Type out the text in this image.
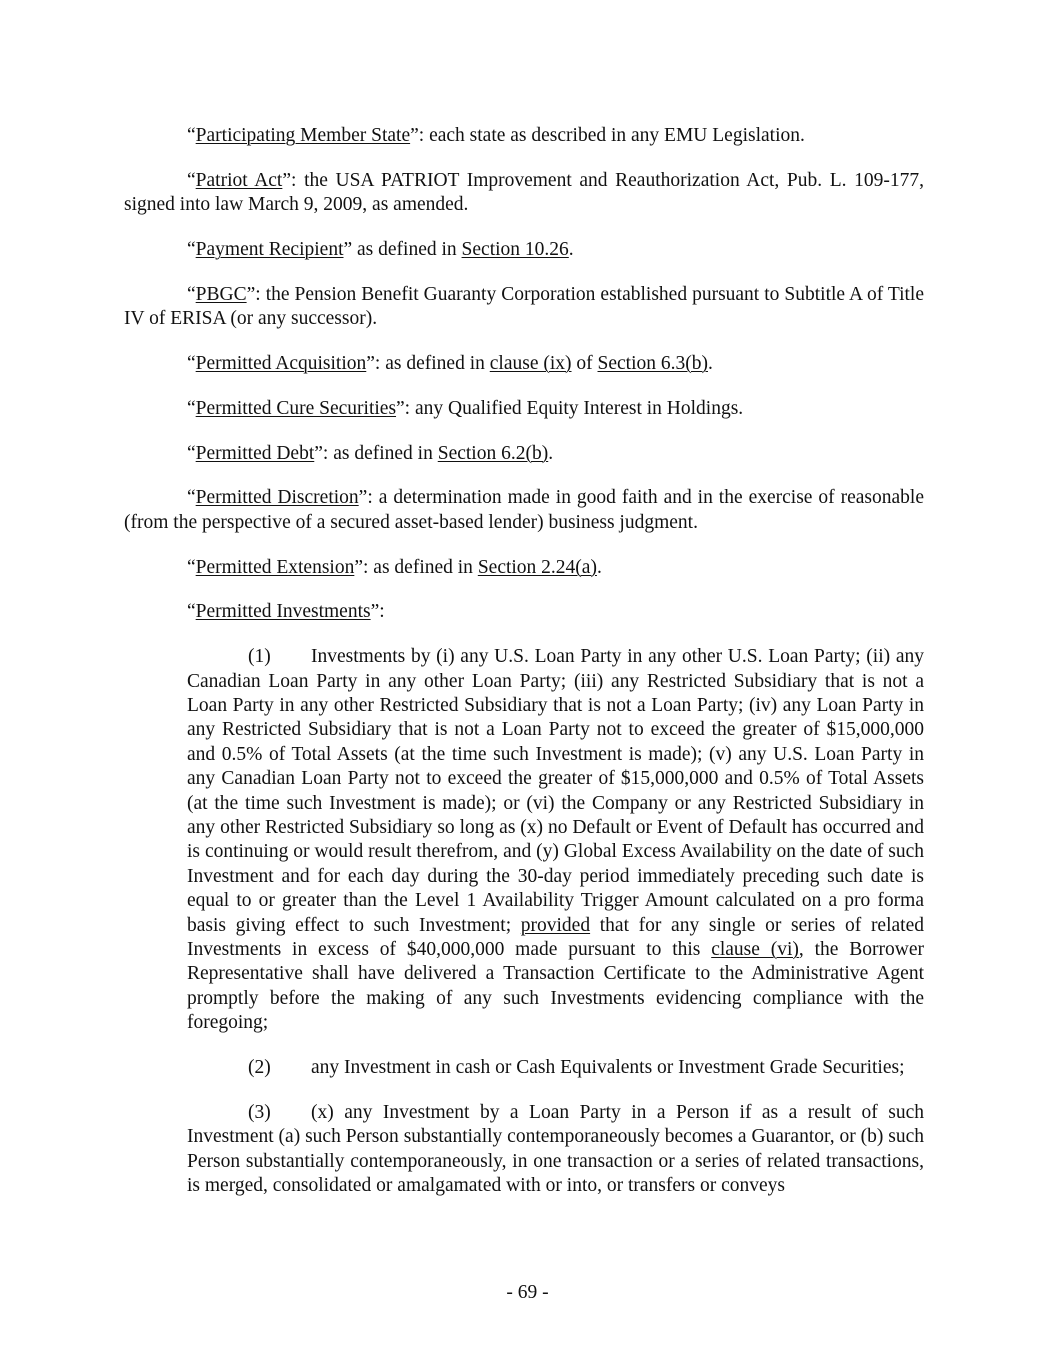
“Participating Member State”: each state as described in any EMU Legislation.

“Patriot Act”: the USA PATRIOT Improvement and Reauthorization Act, Pub. L. 109-177, signed into law March 9, 2009, as amended.

“Payment Recipient” as defined in Section 10.26.

“PBGC”: the Pension Benefit Guaranty Corporation established pursuant to Subtitle A of Title IV of ERISA (or any successor).

“Permitted Acquisition”: as defined in clause (ix) of Section 6.3(b).

“Permitted Cure Securities”: any Qualified Equity Interest in Holdings.

“Permitted Debt”: as defined in Section 6.2(b).

“Permitted Discretion”: a determination made in good faith and in the exercise of reasonable (from the perspective of a secured asset-based lender) business judgment.

“Permitted Extension”: as defined in Section 2.24(a).

“Permitted Investments”:

(1) Investments by (i) any U.S. Loan Party in any other U.S. Loan Party; (ii) any Canadian Loan Party in any other Loan Party; (iii) any Restricted Subsidiary that is not a Loan Party in any other Restricted Subsidiary that is not a Loan Party; (iv) any Loan Party in any Restricted Subsidiary that is not a Loan Party not to exceed the greater of $15,000,000 and 0.5% of Total Assets (at the time such Investment is made); (v) any U.S. Loan Party in any Canadian Loan Party not to exceed the greater of $15,000,000 and 0.5% of Total Assets (at the time such Investment is made); or (vi) the Company or any Restricted Subsidiary in any other Restricted Subsidiary so long as (x) no Default or Event of Default has occurred and is continuing or would result therefrom, and (y) Global Excess Availability on the date of such Investment and for each day during the 30-day period immediately preceding such date is equal to or greater than the Level 1 Availability Trigger Amount calculated on a pro forma basis giving effect to such Investment; provided that for any single or series of related Investments in excess of $40,000,000 made pursuant to this clause (vi), the Borrower Representative shall have delivered a Transaction Certificate to the Administrative Agent promptly before the making of any such Investments evidencing compliance with the foregoing;

(2) any Investment in cash or Cash Equivalents or Investment Grade Securities;

(3) (x) any Investment by a Loan Party in a Person if as a result of such Investment (a) such Person substantially contemporaneously becomes a Guarantor, or (b) such Person substantially contemporaneously, in one transaction or a series of related transactions, is merged, consolidated or amalgamated with or into, or transfers or conveys

- 69 -
